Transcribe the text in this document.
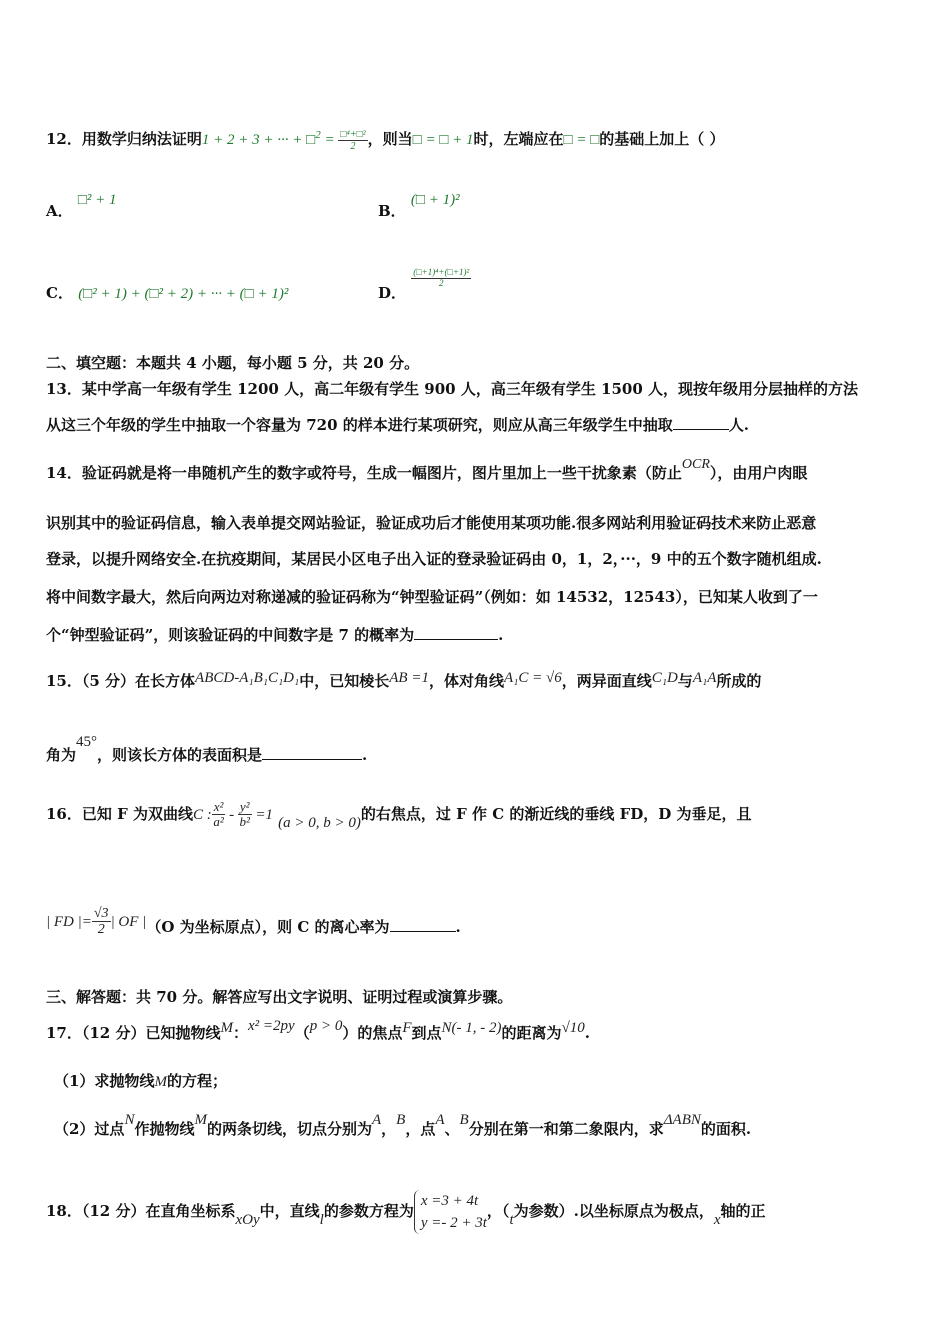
12．用数学归纳法证明1 + 2 + 3 + ··· + □$^2$ = $\frac{\text{□⁴+□²}}{2}$ ，则当□ = □ + 1时，左端应在□ = □的基础上加上（ ）
A． □² + 1
B． (□ + 1)²
C． (□² + 1) + (□² + 2) + ··· + (□ + 1)²	D．
$\frac{\text{(□+1)⁴+(□+1)²}}{2}$
二、填空题：本题共 4 小题，每小题 5 分，共 20 分。
13．某中学高一年级有学生 1200 人，高二年级有学生 900 人，高三年级有学生 1500 人，现按年级用分层抽样的方法
从这三个年级的学生中抽取一个容量为 720 的样本进行某项研究，则应从高三年级学生中抽取	人.
14．验证码就是将一串随机产生的数字或符号，生成一幅图片，图片里加上一些干扰象素（防止OCR），由用户肉眼
识别其中的验证码信息，输入表单提交网站验证，验证成功后才能使用某项功能.很多网站利用验证码技术来防止恶意
登录，以提升网络安全.在抗疫期间，某居民小区电子出入证的登录验证码由 0，1，2，···，9 中的五个数字随机组成.
将中间数字最大，然后向两边对称递减的验证码称为“钟型验证码”（例如：如 14532，12543），已知某人收到了一
个“钟型验证码”，则该验证码的中间数字是 7 的概率为	.
15．（5 分）在长方体ABCD-A₁B₁C₁D₁中，已知棱长AB =1，体对角线A₁C = √6，两异面直线C₁D与A₁A所成的
角为45°，则该长方体的表面积是	.
16．已知 F 为双曲线C : $\frac{\text{x²}}{\text{a²}} - \frac{\text{y²}}{\text{b²}} =1$ (a > 0, b > 0)的右焦点，过 F 作 C 的渐近线的垂线 FD，D 为垂足，且
| FD |= $\frac{√3}{2}$ | OF |（O 为坐标原点），则 C 的离心率为	.
三、解答题：共 70 分。解答应写出文字说明、证明过程或演算步骤。
17．（12 分）已知抛物线M：x² =2py（p > 0）的焦点F到点N(- 1, - 2)的距离为√10.
（1）求抛物线M的方程；
（2）过点N作抛物线M的两条切线，切点分别为A，B，点A、B分别在第一和第二象限内，求ΔABN的面积.
18．（12 分）在直角坐标系xOy中，直线l的参数方程为
x =3 + 4t
y =- 2 + 3t
，（t为参数）.以坐标原点为极点，x轴的正
